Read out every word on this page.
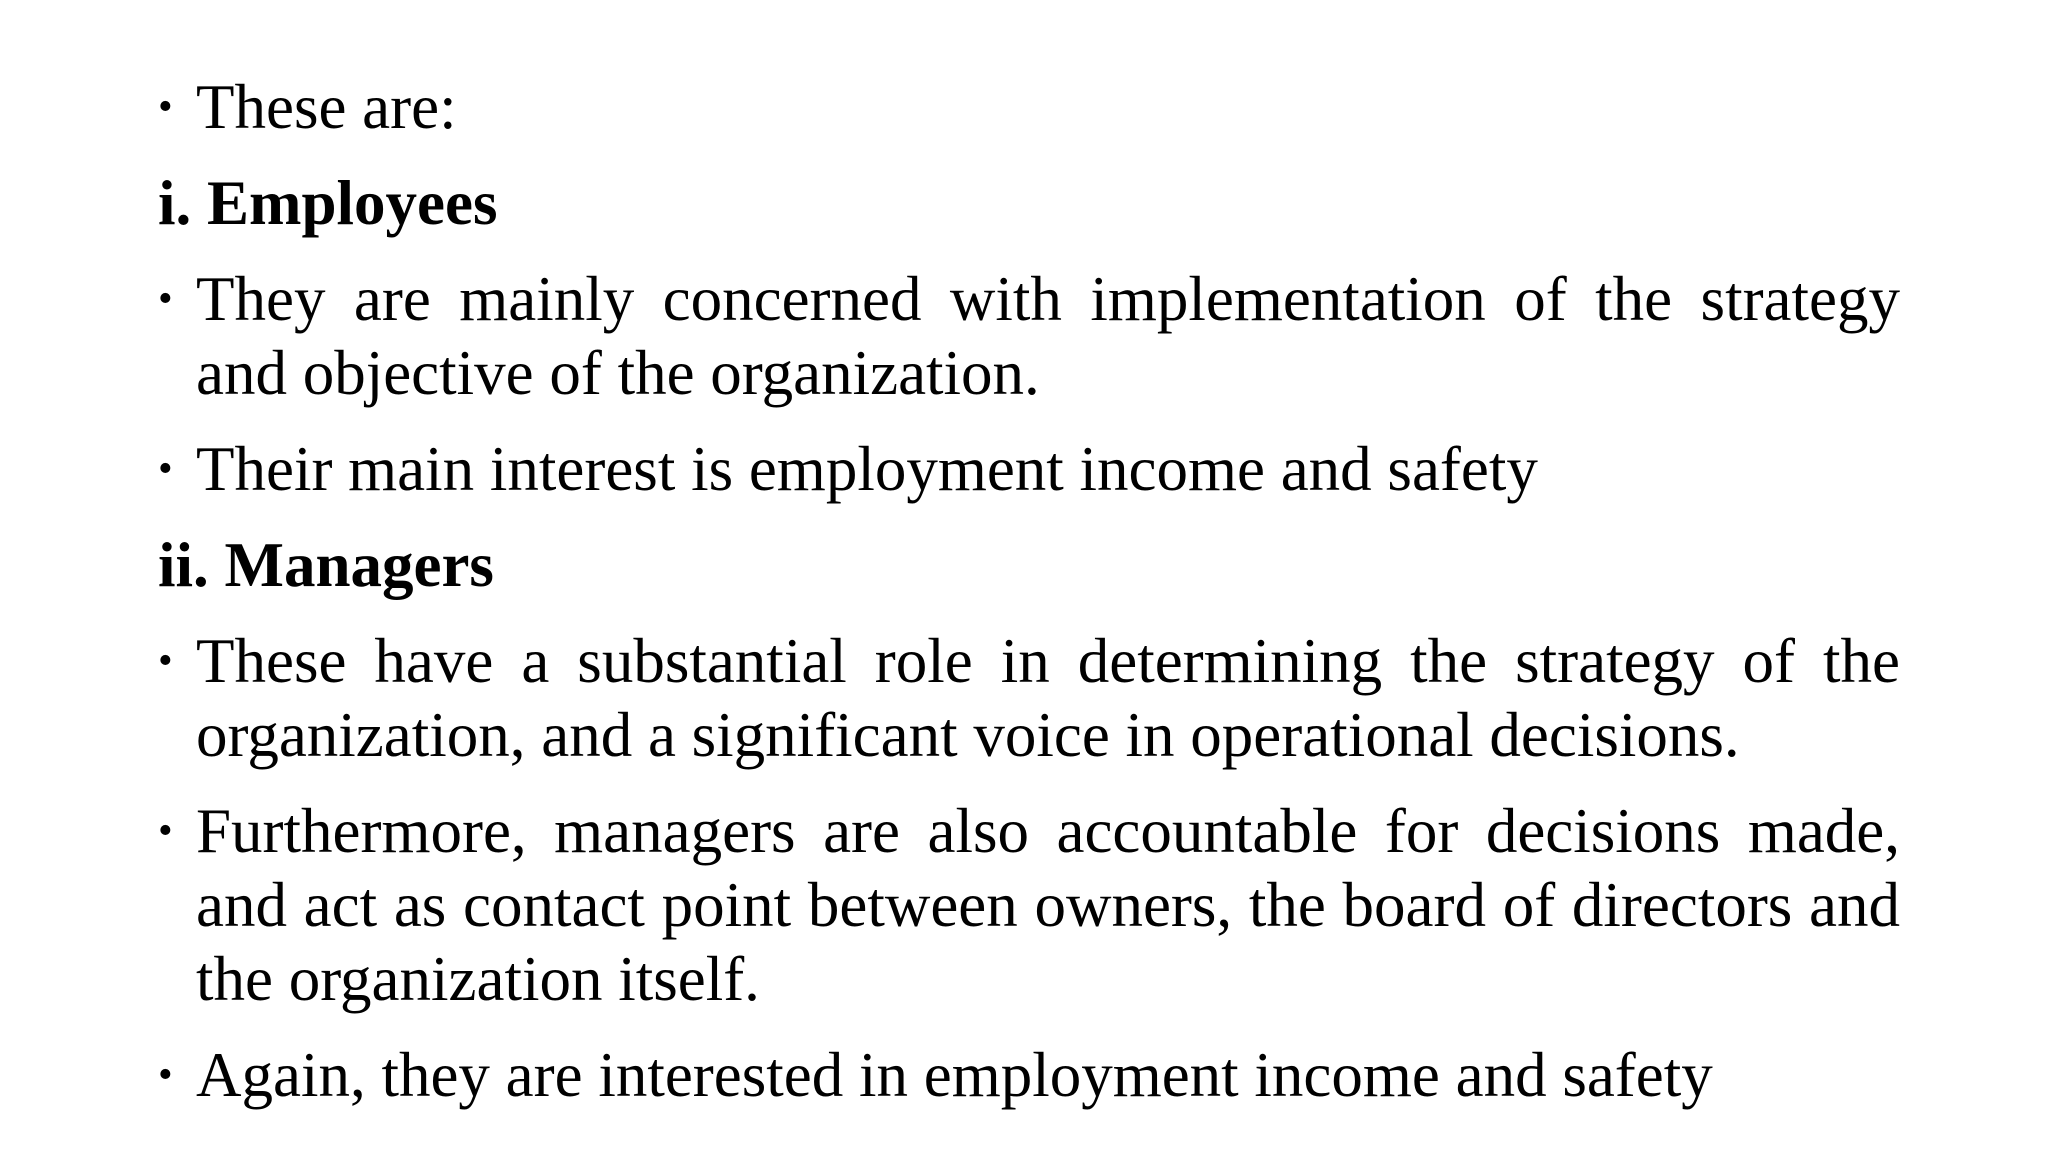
• These are:
i. Employees
• They are mainly concerned with implementation of the strategy and objective of the organization.
• Their main interest is employment income and safety
ii. Managers
• These have a substantial role in determining the strategy of the organization, and a significant voice in operational decisions.
• Furthermore, managers are also accountable for decisions made, and act as contact point between owners, the board of directors and the organization itself.
• Again, they are interested in employment income and safety
